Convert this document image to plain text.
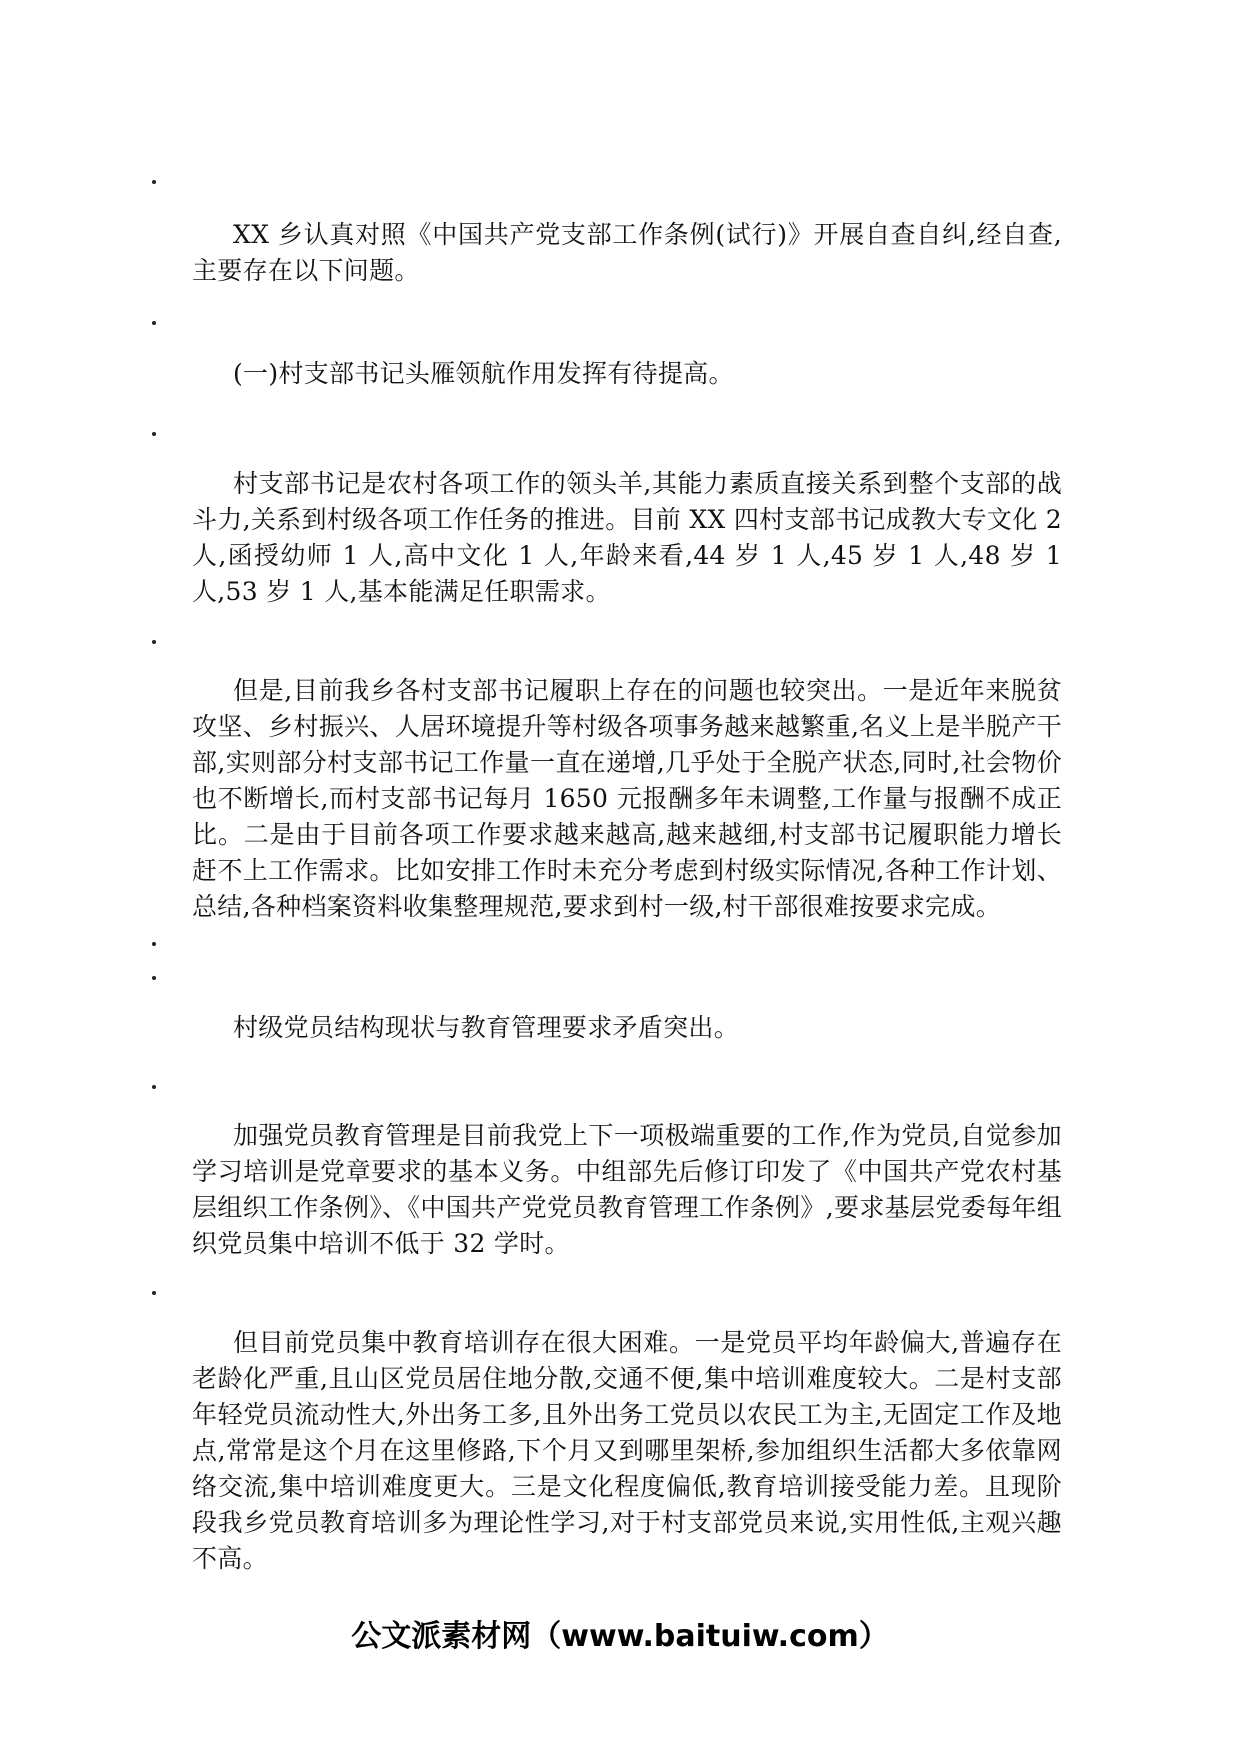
XX 乡认真对照《中国共产党支部工作条例(试行)》开展自查自纠,经自查,主要存在以下问题。

(一)村支部书记头雁领航作用发挥有待提高。

村支部书记是农村各项工作的领头羊,其能力素质直接关系到整个支部的战斗力,关系到村级各项工作任务的推进。目前 XX 四村支部书记成教大专文化 2 人,函授幼师 1 人,高中文化 1 人,年龄来看,44 岁 1 人,45 岁 1 人,48 岁 1 人,53 岁 1 人,基本能满足任职需求。

但是,目前我乡各村支部书记履职上存在的问题也较突出。一是近年来脱贫攻坚、乡村振兴、人居环境提升等村级各项事务越来越繁重,名义上是半脱产干部,实则部分村支部书记工作量一直在递增,几乎处于全脱产状态,同时,社会物价也不断增长,而村支部书记每月 1650 元报酬多年未调整,工作量与报酬不成正比。二是由于目前各项工作要求越来越高,越来越细,村支部书记履职能力增长赶不上工作需求。比如安排工作时未充分考虑到村级实际情况,各种工作计划、总结,各种档案资料收集整理规范,要求到村一级,村干部很难按要求完成。

村级党员结构现状与教育管理要求矛盾突出。

加强党员教育管理是目前我党上下一项极端重要的工作,作为党员,自觉参加学习培训是党章要求的基本义务。中组部先后修订印发了《中国共产党农村基层组织工作条例》、《中国共产党党员教育管理工作条例》,要求基层党委每年组织党员集中培训不低于 32 学时。

但目前党员集中教育培训存在很大困难。一是党员平均年龄偏大,普遍存在老龄化严重,且山区党员居住地分散,交通不便,集中培训难度较大。二是村支部年轻党员流动性大,外出务工多,且外出务工党员以农民工为主,无固定工作及地点,常常是这个月在这里修路,下个月又到哪里架桥,参加组织生活都大多依靠网络交流,集中培训难度更大。三是文化程度偏低,教育培训接受能力差。且现阶段我乡党员教育培训多为理论性学习,对于村支部党员来说,实用性低,主观兴趣不高。

公文派素材网（www.baituiw.com）
